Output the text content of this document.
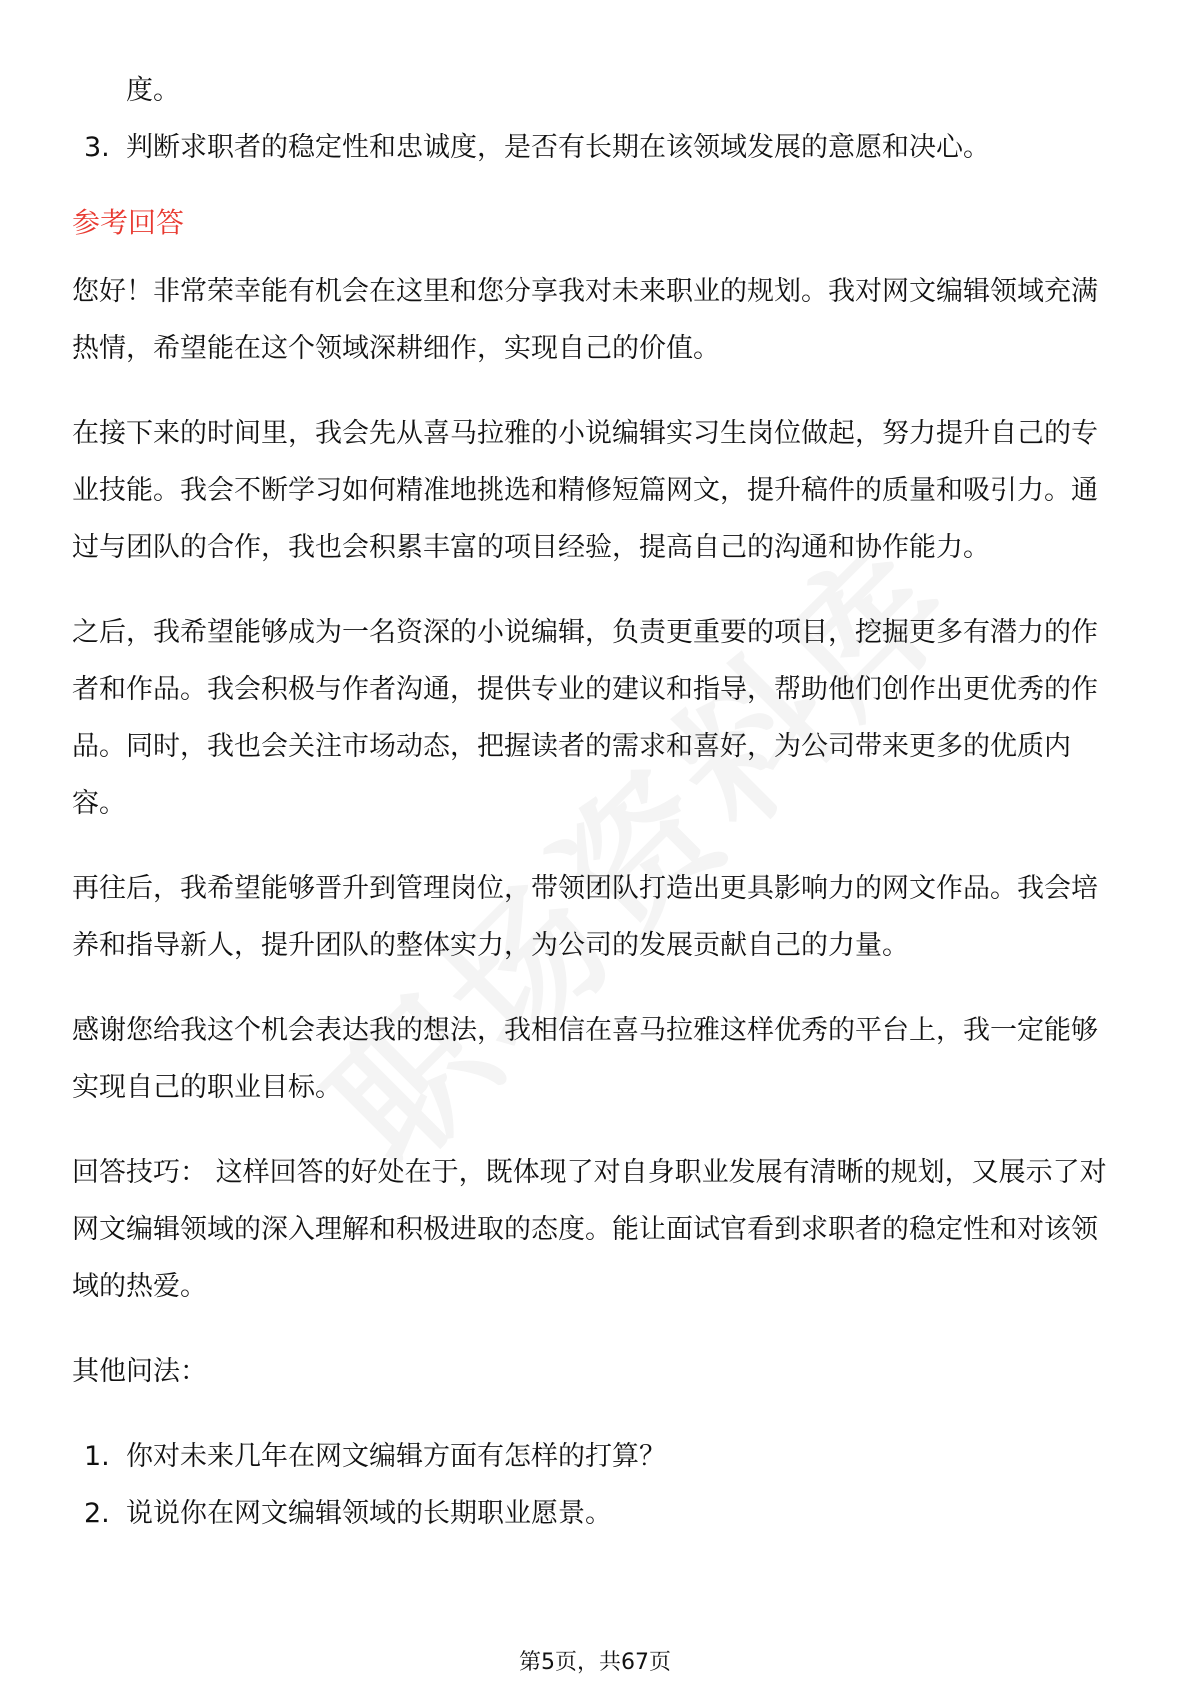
度。
3. 判断求职者的稳定性和忠诚度，是否有长期在该领域发展的意愿和决心。
参考回答

您好！非常荣幸能有机会在这里和您分享我对未来职业的规划。我对网文编辑领域充满热情，希望能在这个领域深耕细作，实现自己的价值。

在接下来的时间里，我会先从喜马拉雅的小说编辑实习生岗位做起，努力提升自己的专业技能。我会不断学习如何精准地挑选和精修短篇网文，提升稿件的质量和吸引力。通过与团队的合作，我也会积累丰富的项目经验，提高自己的沟通和协作能力。

之后，我希望能够成为一名资深的小说编辑，负责更重要的项目，挖掘更多有潜力的作者和作品。我会积极与作者沟通，提供专业的建议和指导，帮助他们创作出更优秀的作品。同时，我也会关注市场动态，把握读者的需求和喜好，为公司带来更多的优质内容。

再往后，我希望能够晋升到管理岗位，带领团队打造出更具影响力的网文作品。我会培养和指导新人，提升团队的整体实力，为公司的发展贡献自己的力量。

感谢您给我这个机会表达我的想法，我相信在喜马拉雅这样优秀的平台上，我一定能够实现自己的职业目标。

回答技巧： 这样回答的好处在于，既体现了对自身职业发展有清晰的规划，又展示了对网文编辑领域的深入理解和积极进取的态度。能让面试官看到求职者的稳定性和对该领域的热爱。

其他问法：

1. 你对未来几年在网文编辑方面有怎样的打算？
2. 说说你在网文编辑领域的长期职业愿景。
第5页，共67页
